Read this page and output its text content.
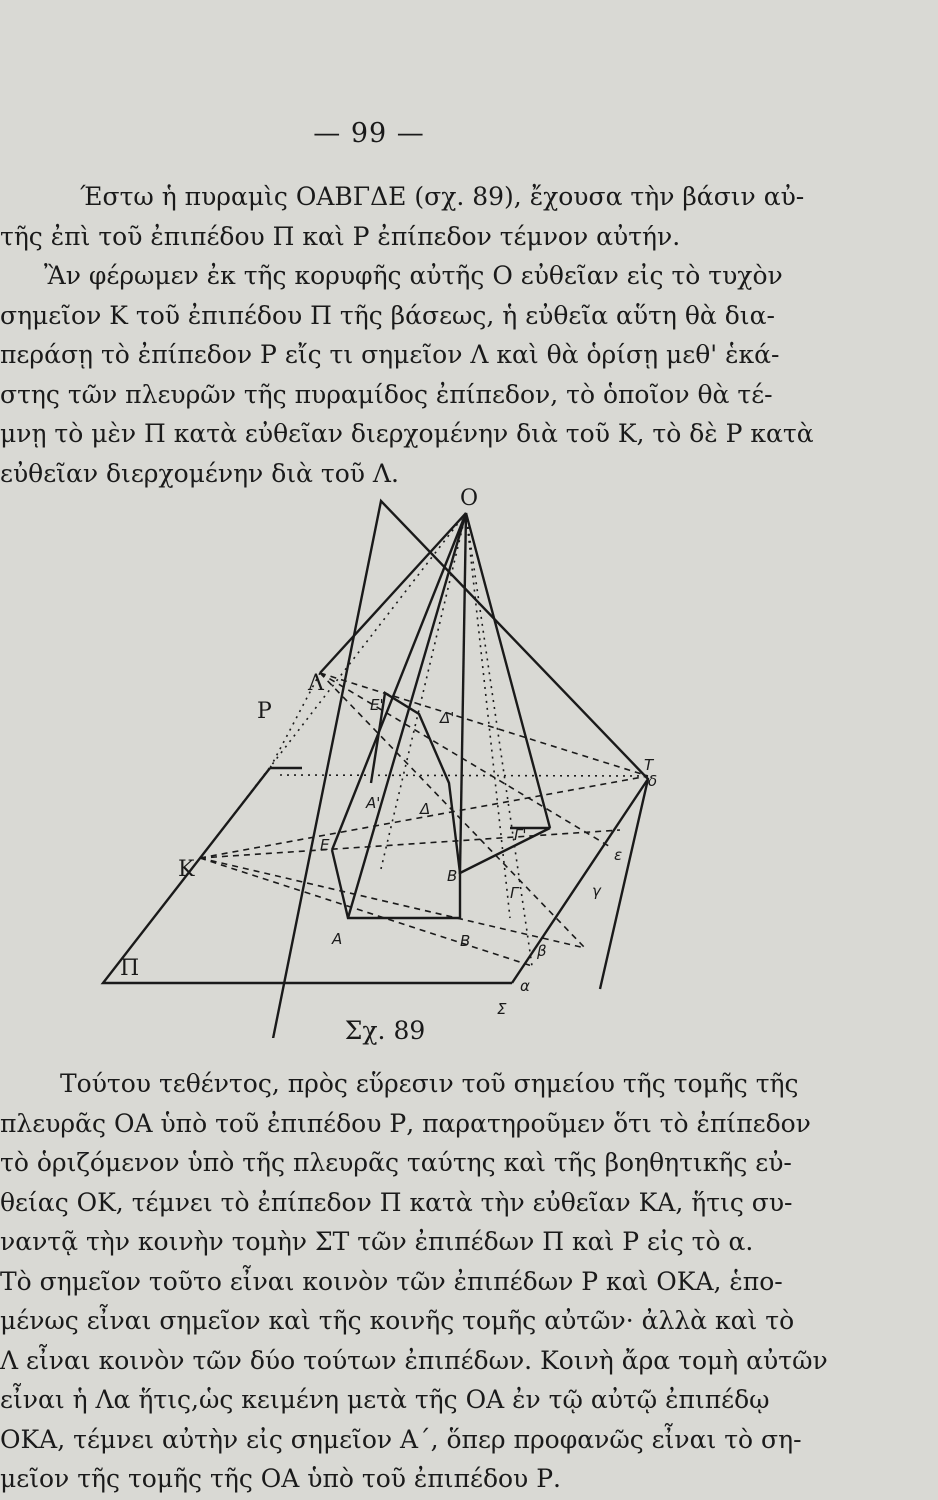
— 99 —

Έστω ἡ πυραμὶς ΟΑΒΓΔΕ (σχ. 89), ἔχουσα τὴν βάσιν αὐ-
τῆς ἐπὶ τοῦ ἐπιπέδου Π καὶ Ρ ἐπίπεδον τέμνον αὐτήν.

Ἂν φέρωμεν ἐκ τῆς κορυφῆς αὐτῆς Ο εὐθεῖαν εἰς τὸ τυχὸν
σημεῖον Κ τοῦ ἐπιπέδου Π τῆς βάσεως, ἡ εὐθεῖα αὕτη θὰ δια-
περάσῃ τὸ ἐπίπεδον Ρ εἴς τι σημεῖον Λ καὶ θὰ ὁρίσῃ μεθ' ἑκά-
στης τῶν πλευρῶν τῆς πυραμίδος ἐπίπεδον, τὸ ὁποῖον θὰ τέ-
μνῃ τὸ μὲν Π κατὰ εὐθεῖαν διερχομένην διὰ τοῦ Κ, τὸ δὲ Ρ κατὰ
εὐθεῖαν διερχομένην διὰ τοῦ Λ.

O
P
Π
K
Λ
A	B
Γ
E
A'
Δ'
E'
Γ'
B'
Δ
Σ
T
α
β
γ
ε
δ
Σχ. 89

Τούτου τεθέντος, πρὸς εὕρεσιν τοῦ σημείου τῆς τομῆς τῆς
πλευρᾶς ΟΑ ὑπὸ τοῦ ἐπιπέδου Ρ, παρατηροῦμεν ὅτι τὸ ἐπίπεδον
τὸ ὁριζόμενον ὑπὸ τῆς πλευρᾶς ταύτης καὶ τῆς βοηθητικῆς εὐ-
θείας ΟΚ, τέμνει τὸ ἐπίπεδον Π κατὰ τὴν εὐθεῖαν ΚΑ, ἥτις συ-
ναντᾷ τὴν κοινὴν τομὴν ΣΤ τῶν ἐπιπέδων Π καὶ Ρ εἰς τὸ α.
Τὸ σημεῖον τοῦτο εἶναι κοινὸν τῶν ἐπιπέδων Ρ καὶ ΟΚΑ, ἑπο-
μένως εἶναι σημεῖον καὶ τῆς κοινῆς τομῆς αὐτῶν· ἀλλὰ καὶ τὸ
Λ εἶναι κοινὸν τῶν δύο τούτων ἐπιπέδων. Κοινὴ ἄρα τομὴ αὐτῶν
εἶναι ἡ Λα ἥτις,ὡς κειμένη μετὰ τῆς ΟΑ ἐν τῷ αὐτῷ ἐπιπέδῳ
ΟΚΑ, τέμνει αὐτὴν εἰς σημεῖον Α΄, ὅπερ προφανῶς εἶναι τὸ ση-
μεῖον τῆς τομῆς τῆς ΟΑ ὑπὸ τοῦ ἐπιπέδου Ρ.
